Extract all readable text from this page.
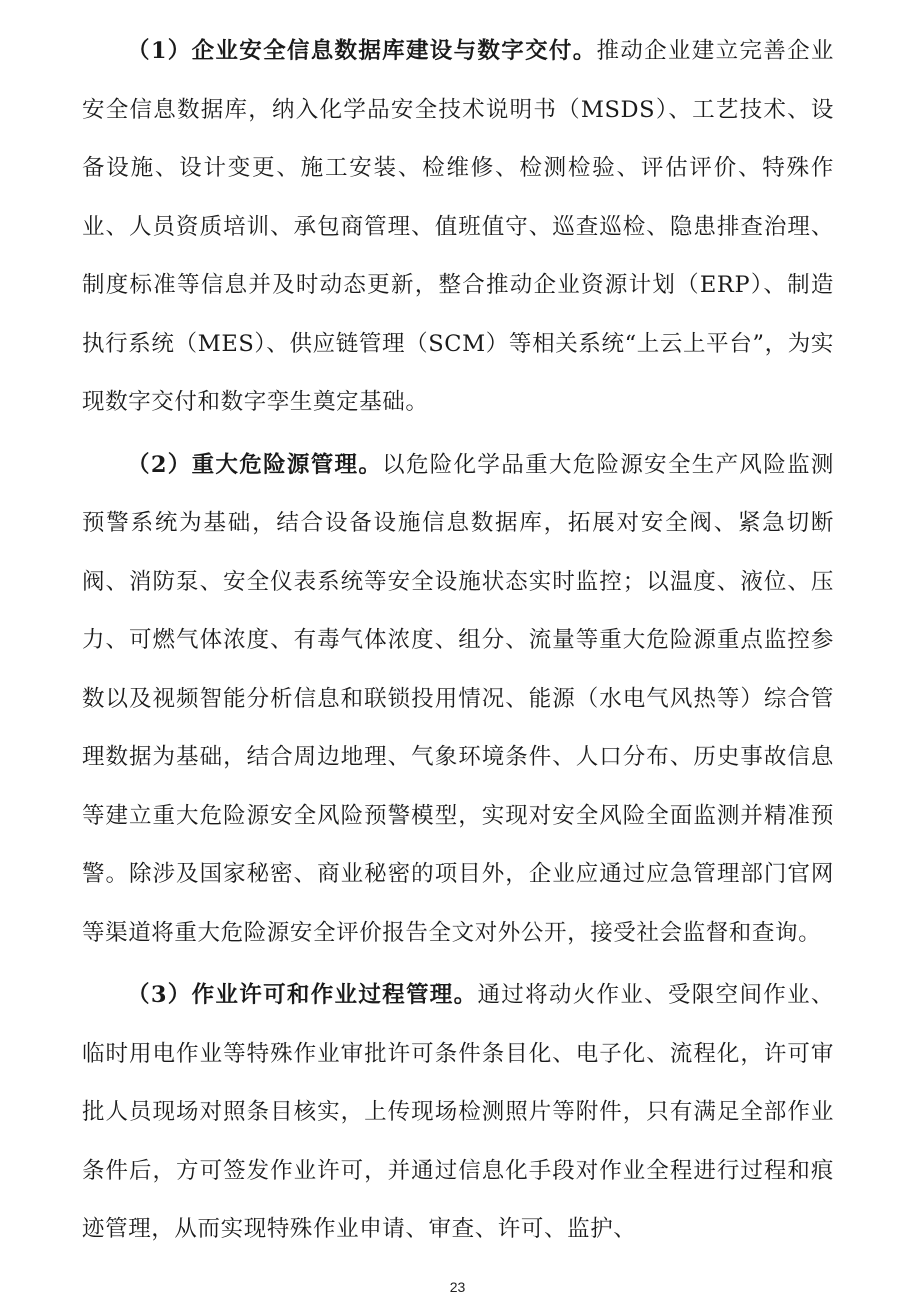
（1）企业安全信息数据库建设与数字交付。推动企业建立完善企业安全信息数据库，纳入化学品安全技术说明书（MSDS）、工艺技术、设备设施、设计变更、施工安装、检维修、检测检验、评估评价、特殊作业、人员资质培训、承包商管理、值班值守、巡查巡检、隐患排查治理、制度标准等信息并及时动态更新，整合推动企业资源计划（ERP）、制造执行系统（MES）、供应链管理（SCM）等相关系统“上云上平台”，为实现数字交付和数字孪生奠定基础。

（2）重大危险源管理。以危险化学品重大危险源安全生产风险监测预警系统为基础，结合设备设施信息数据库，拓展对安全阀、紧急切断阀、消防泵、安全仪表系统等安全设施状态实时监控；以温度、液位、压力、可燃气体浓度、有毒气体浓度、组分、流量等重大危险源重点监控参数以及视频智能分析信息和联锁投用情况、能源（水电气风热等）综合管理数据为基础，结合周边地理、气象环境条件、人口分布、历史事故信息等建立重大危险源安全风险预警模型，实现对安全风险全面监测并精准预警。除涉及国家秘密、商业秘密的项目外，企业应通过应急管理部门官网等渠道将重大危险源安全评价报告全文对外公开，接受社会监督和查询。

（3）作业许可和作业过程管理。通过将动火作业、受限空间作业、临时用电作业等特殊作业审批许可条件条目化、电子化、流程化，许可审批人员现场对照条目核实，上传现场检测照片等附件，只有满足全部作业条件后，方可签发作业许可，并通过信息化手段对作业全程进行过程和痕迹管理，从而实现特殊作业申请、审查、许可、监护、

23
